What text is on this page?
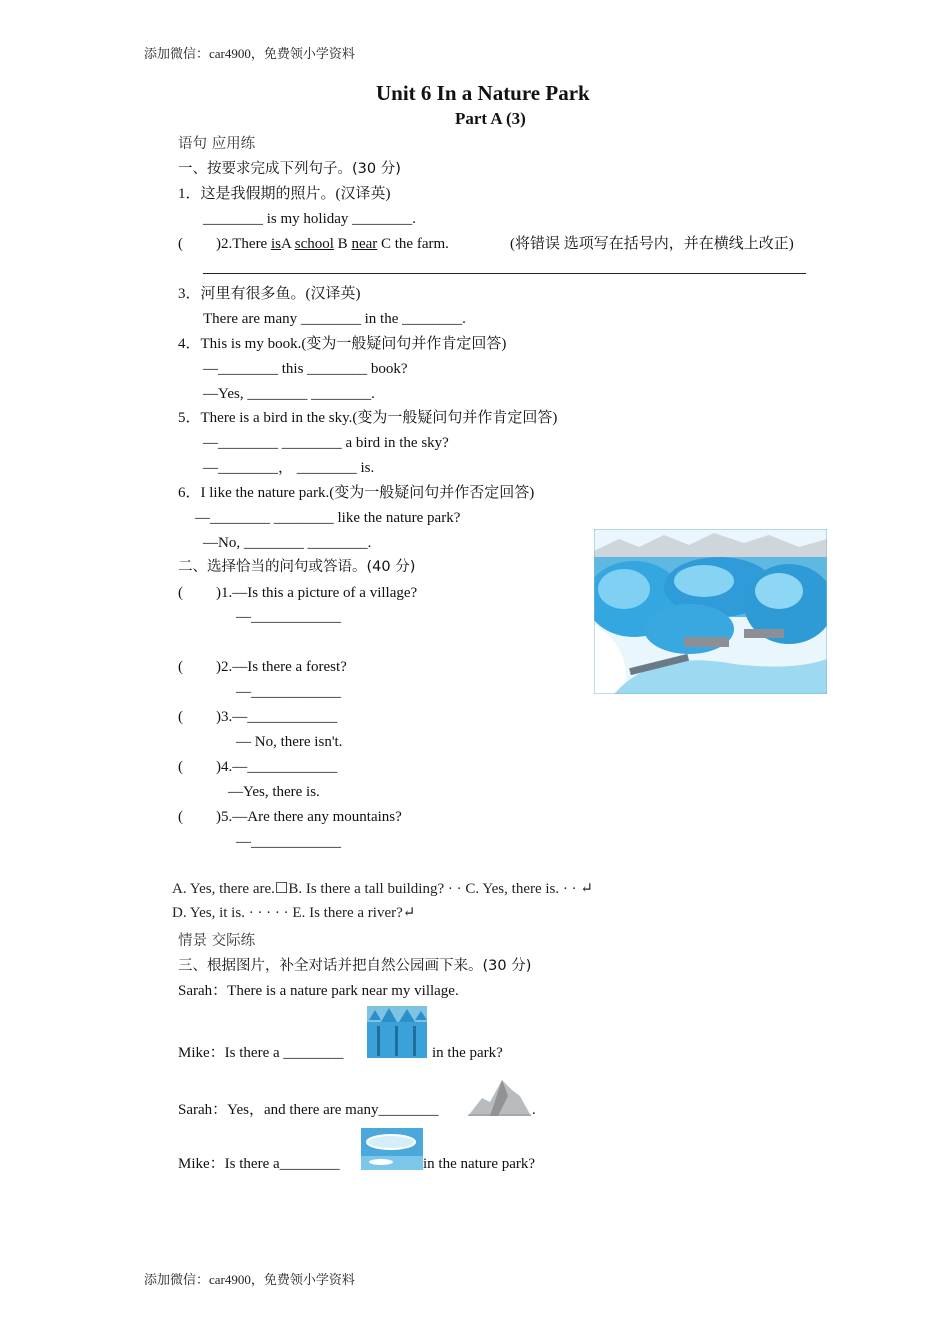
添加微信：car4900，免费领小学资料
Unit 6 In a Nature Park
Part A (3)
语句 应用练
一、按要求完成下列句子。(30 分)
1．这是我假期的照片。(汉译英)
________ is my holiday ________.
( )2.There isA school B near C the farm.	(将错误 选项写在括号内，并在横线上改正)
3．河里有很多鱼。(汉译英)
There are many ________ in the ________.
4．This is my book.(变为一般疑问句并作肯定回答)
—________ this ________ book?
—Yes, ________ ________.
5．There is a bird in the sky.(变为一般疑问句并作肯定回答)
—________ ________ a bird in the sky?
—________， ________ is.
6．I like the nature park.(变为一般疑问句并作否定回答)
—________ ________ like the nature park?
—No, ________ ________.
二、选择恰当的问句或答语。(40 分)
( )1.—Is this a picture of a village?
—____________
( )2.—Is there a forest?
—____________
( )3.—____________
— No, there isn't.
( )4.—____________
—Yes, there is.
( )5.—Are there any mountains?
—____________
A. Yes, there are.☐B. Is there a tall building? · · C. Yes, there is. · · ↵
D. Yes, it is. · · · · · E. Is there a river?↵
情景 交际练
三、根据图片，补全对话并把自然公园画下来。(30 分)
Sarah：There is a nature park near my village.
Mike：Is there a ________	in the park?
Sarah：Yes，and there are many________	.
Mike：Is there a________	in the nature park?
添加微信：car4900，免费领小学资料
